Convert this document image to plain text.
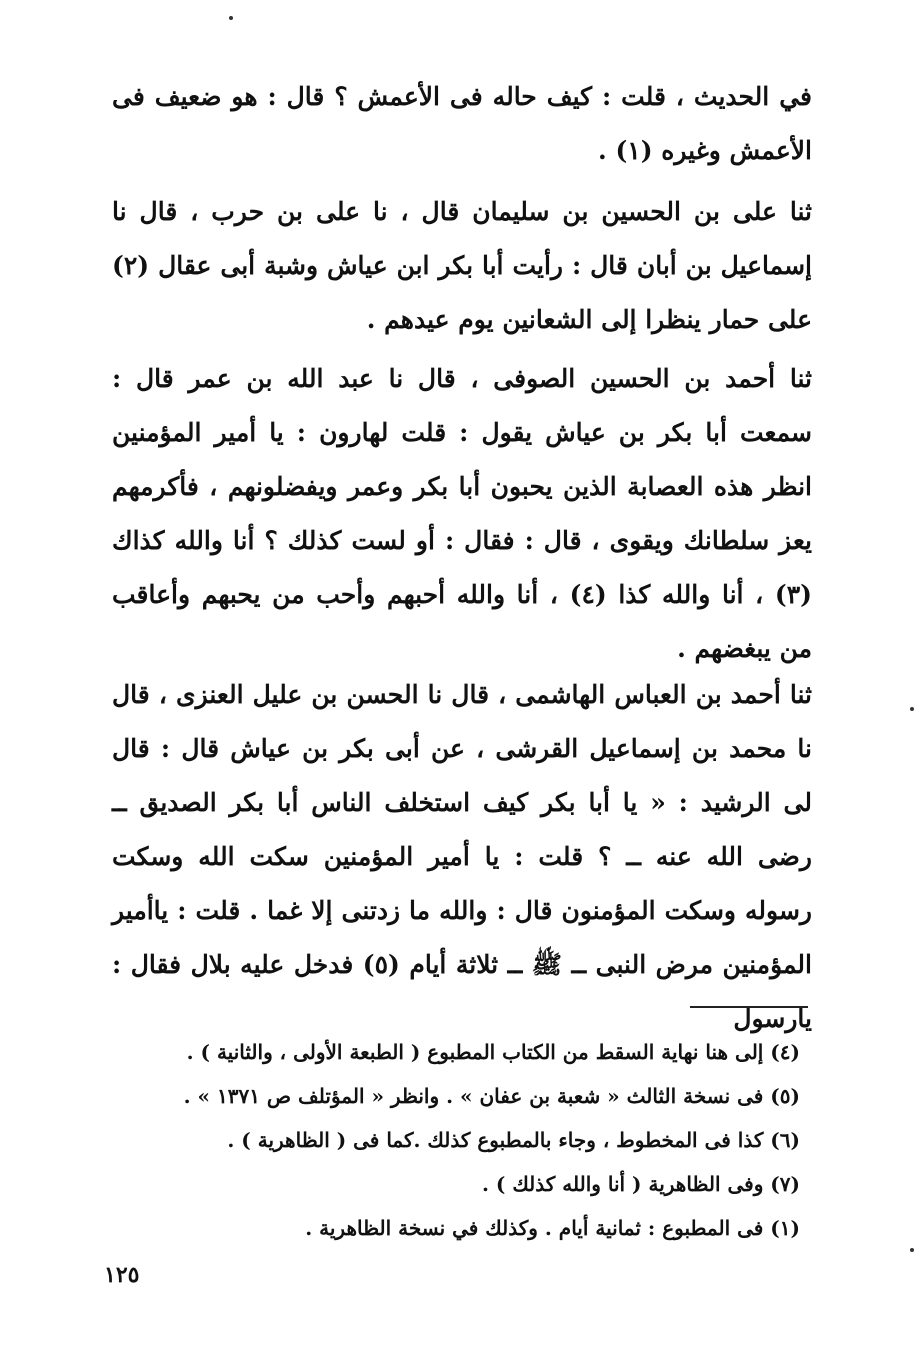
في الحديث ، قلت : كيف حاله فى الأعمش ؟ قال : هو ضعيف فى الأعمش وغيره (١) .

ثنا على بن الحسين بن سليمان قال ، نا على بن حرب ، قال نا إسماعيل بن أبان قال : رأيت أبا بكر ابن عياش وشبة أبى عقال (٢) على حمار ينظرا إلى الشعانين يوم عيدهم .

ثنا أحمد بن الحسين الصوفى ، قال نا عبد الله بن عمر قال : سمعت أبا بكر بن عياش يقول : قلت لهارون : يا أمير المؤمنين انظر هذه العصابة الذين يحبون أبا بكر وعمر ويفضلونهم ، فأكرمهم يعز سلطانك ويقوى ، قال : فقال : أو لست كذلك ؟ أنا والله كذاك (٣) ، أنا والله كذا (٤) ، أنا والله أحبهم وأحب من يحبهم وأعاقب من يبغضهم .

ثنا أحمد بن العباس الهاشمى ، قال نا الحسن بن عليل العنزى ، قال نا محمد بن إسماعيل القرشى ، عن أبى بكر بن عياش قال : قال لى الرشيد : « يا أبا بكر كيف استخلف الناس أبا بكر الصديق ــ رضى الله عنه ــ ؟ قلت : يا أمير المؤمنين سكت الله وسكت رسوله وسكت المؤمنون قال : والله ما زدتنى إلا غما . قلت : ياأمير المؤمنين مرض النبى ــ ﷺ ــ ثلاثة أيام (٥) فدخل عليه بلال فقال : يارسول

(٤) إلى هنا نهاية السقط من الكتاب المطبوع ( الطبعة الأولى ، والثانية ) .

(٥) فى نسخة الثالث « شعبة بن عفان » . وانظر « المؤتلف ص ١٣٧١ » .

(٦) كذا فى المخطوط ، وجاء بالمطبوع كذلك .كما فى ( الظاهرية ) .

(٧) وفى الظاهرية ( أنا والله كذلك ) .

(١) فى المطبوع : ثمانية أيام . وكذلك في نسخة الظاهرية .

١٢٥
